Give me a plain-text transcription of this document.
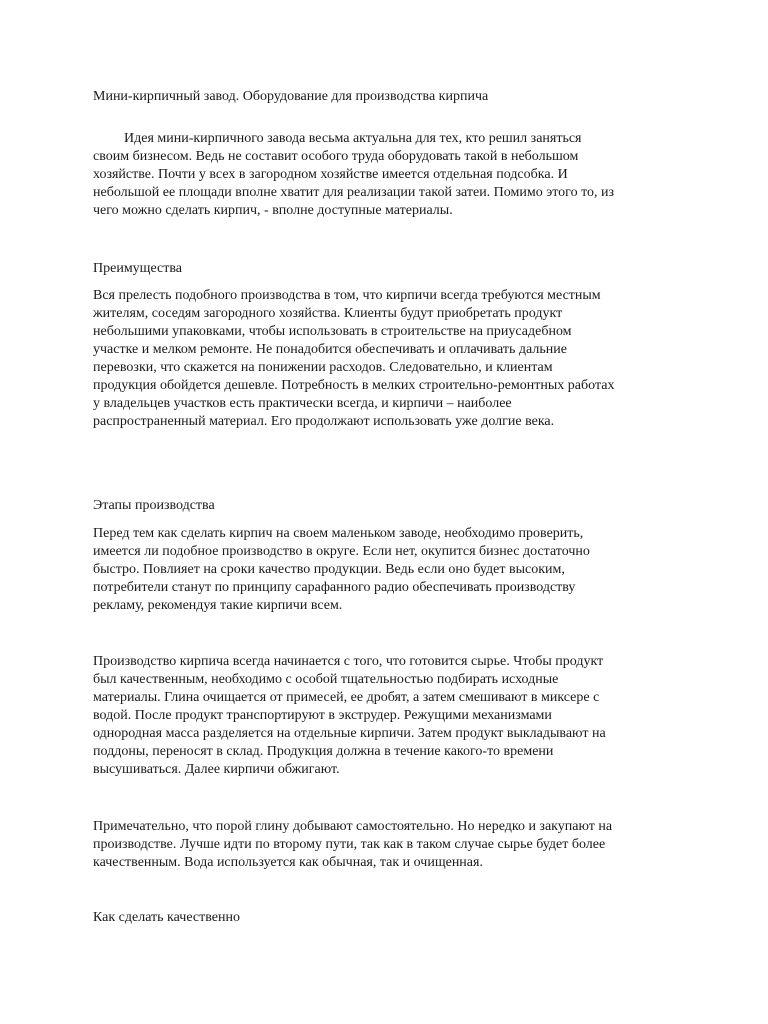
Мини-кирпичный завод. Оборудование для производства кирпича

Идея мини-кирпичного завода весьма актуальна для тех, кто решил заняться
своим бизнесом. Ведь не составит особого труда оборудовать такой в небольшом
хозяйстве. Почти у всех в загородном хозяйстве имеется отдельная подсобка. И
небольшой ее площади вполне хватит для реализации такой затеи. Помимо этого то, из
чего можно сделать кирпич, - вполне доступные материалы.

Преимущества

Вся прелесть подобного производства в том, что кирпичи всегда требуются местным
жителям, соседям загородного хозяйства. Клиенты будут приобретать продукт
небольшими упаковками, чтобы использовать в строительстве на приусадебном
участке и мелком ремонте. Не понадобится обеспечивать и оплачивать дальние
перевозки, что скажется на понижении расходов. Следовательно, и клиентам
продукция обойдется дешевле. Потребность в мелких строительно-ремонтных работах
у владельцев участков есть практически всегда, и кирпичи – наиболее
распространенный материал. Его продолжают использовать уже долгие века.

Этапы производства

Перед тем как сделать кирпич на своем маленьком заводе, необходимо проверить,
имеется ли подобное производство в округе. Если нет, окупится бизнес достаточно
быстро. Повлияет на сроки качество продукции. Ведь если оно будет высоким,
потребители станут по принципу сарафанного радио обеспечивать производству
рекламу, рекомендуя такие кирпичи всем.

Производство кирпича всегда начинается с того, что готовится сырье. Чтобы продукт
был качественным, необходимо с особой тщательностью подбирать исходные
материалы. Глина очищается от примесей, ее дробят, а затем смешивают в миксере с
водой. После продукт транспортируют в экструдер. Режущими механизмами
однородная масса разделяется на отдельные кирпичи. Затем продукт выкладывают на
поддоны, переносят в склад. Продукция должна в течение какого-то времени
высушиваться. Далее кирпичи обжигают.

Примечательно, что порой глину добывают самостоятельно. Но нередко и закупают на
производстве. Лучше идти по второму пути, так как в таком случае сырье будет более
качественным. Вода используется как обычная, так и очищенная.

Как сделать качественно
